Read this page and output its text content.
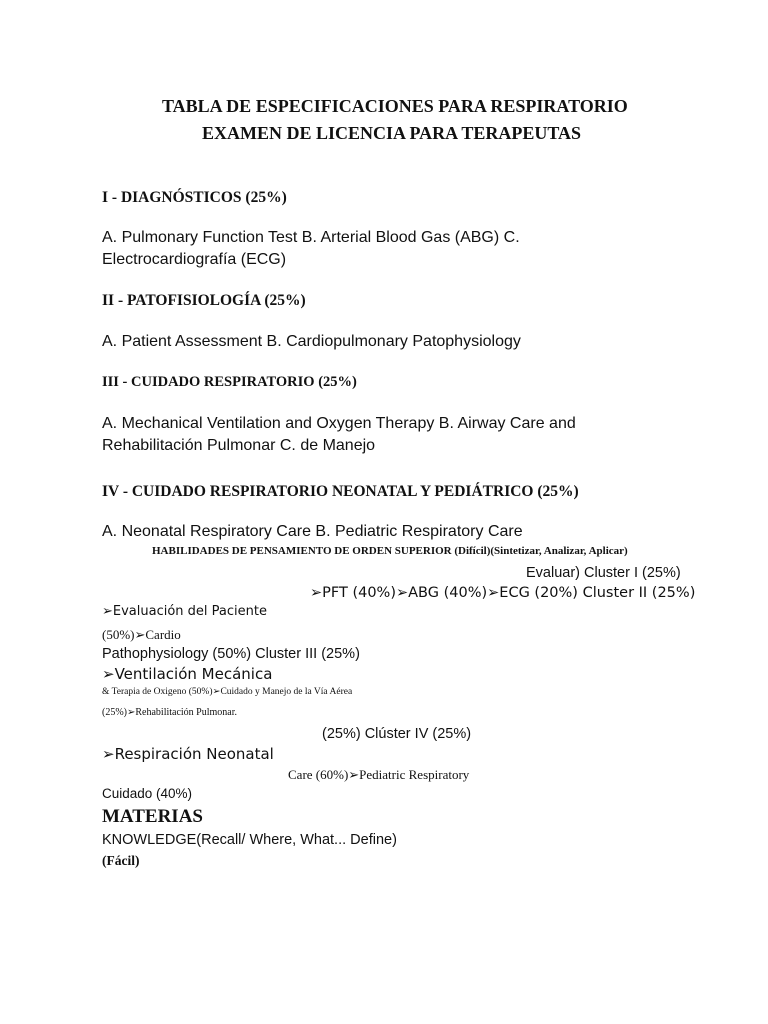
TABLA DE ESPECIFICACIONES PARA RESPIRATORIO
EXAMEN DE LICENCIA PARA TERAPEUTAS
I - DIAGNÓSTICOS (25%)
A. Pulmonary Function Test B. Arterial Blood Gas (ABG) C.
Electrocardiografía (ECG)
II - PATOFISIOLOGÍA (25%)
A. Patient Assessment B. Cardiopulmonary Patophysiology
III - CUIDADO RESPIRATORIO (25%)
A. Mechanical Ventilation and Oxygen Therapy B. Airway Care and
Rehabilitación Pulmonar C. de Manejo
IV - CUIDADO RESPIRATORIO NEONATAL Y PEDIÁTRICO (25%)
A. Neonatal Respiratory Care B. Pediatric Respiratory Care
HABILIDADES DE PENSAMIENTO DE ORDEN SUPERIOR (Difícil)(Sintetizar, Analizar, Aplicar)
Evaluar) Cluster I (25%)
➢PFT (40%)➢ABG (40%)➢ECG (20%) Cluster II (25%)
➢Evaluación del Paciente
(50%)➢Cardio
Pathophysiology (50%) Cluster III (25%)
➢Ventilación Mecánica
& Terapia de Oxigeno (50%)➢Cuidado y Manejo de la Vía Aérea
(25%)➢Rehabilitación Pulmonar.
(25%) Clúster IV (25%)
➢Respiración Neonatal
Care (60%)➢Pediatric Respiratory
Cuidado (40%)
MATERIAS
KNOWLEDGE(Recall/ Where, What... Define)
(Fácil)
